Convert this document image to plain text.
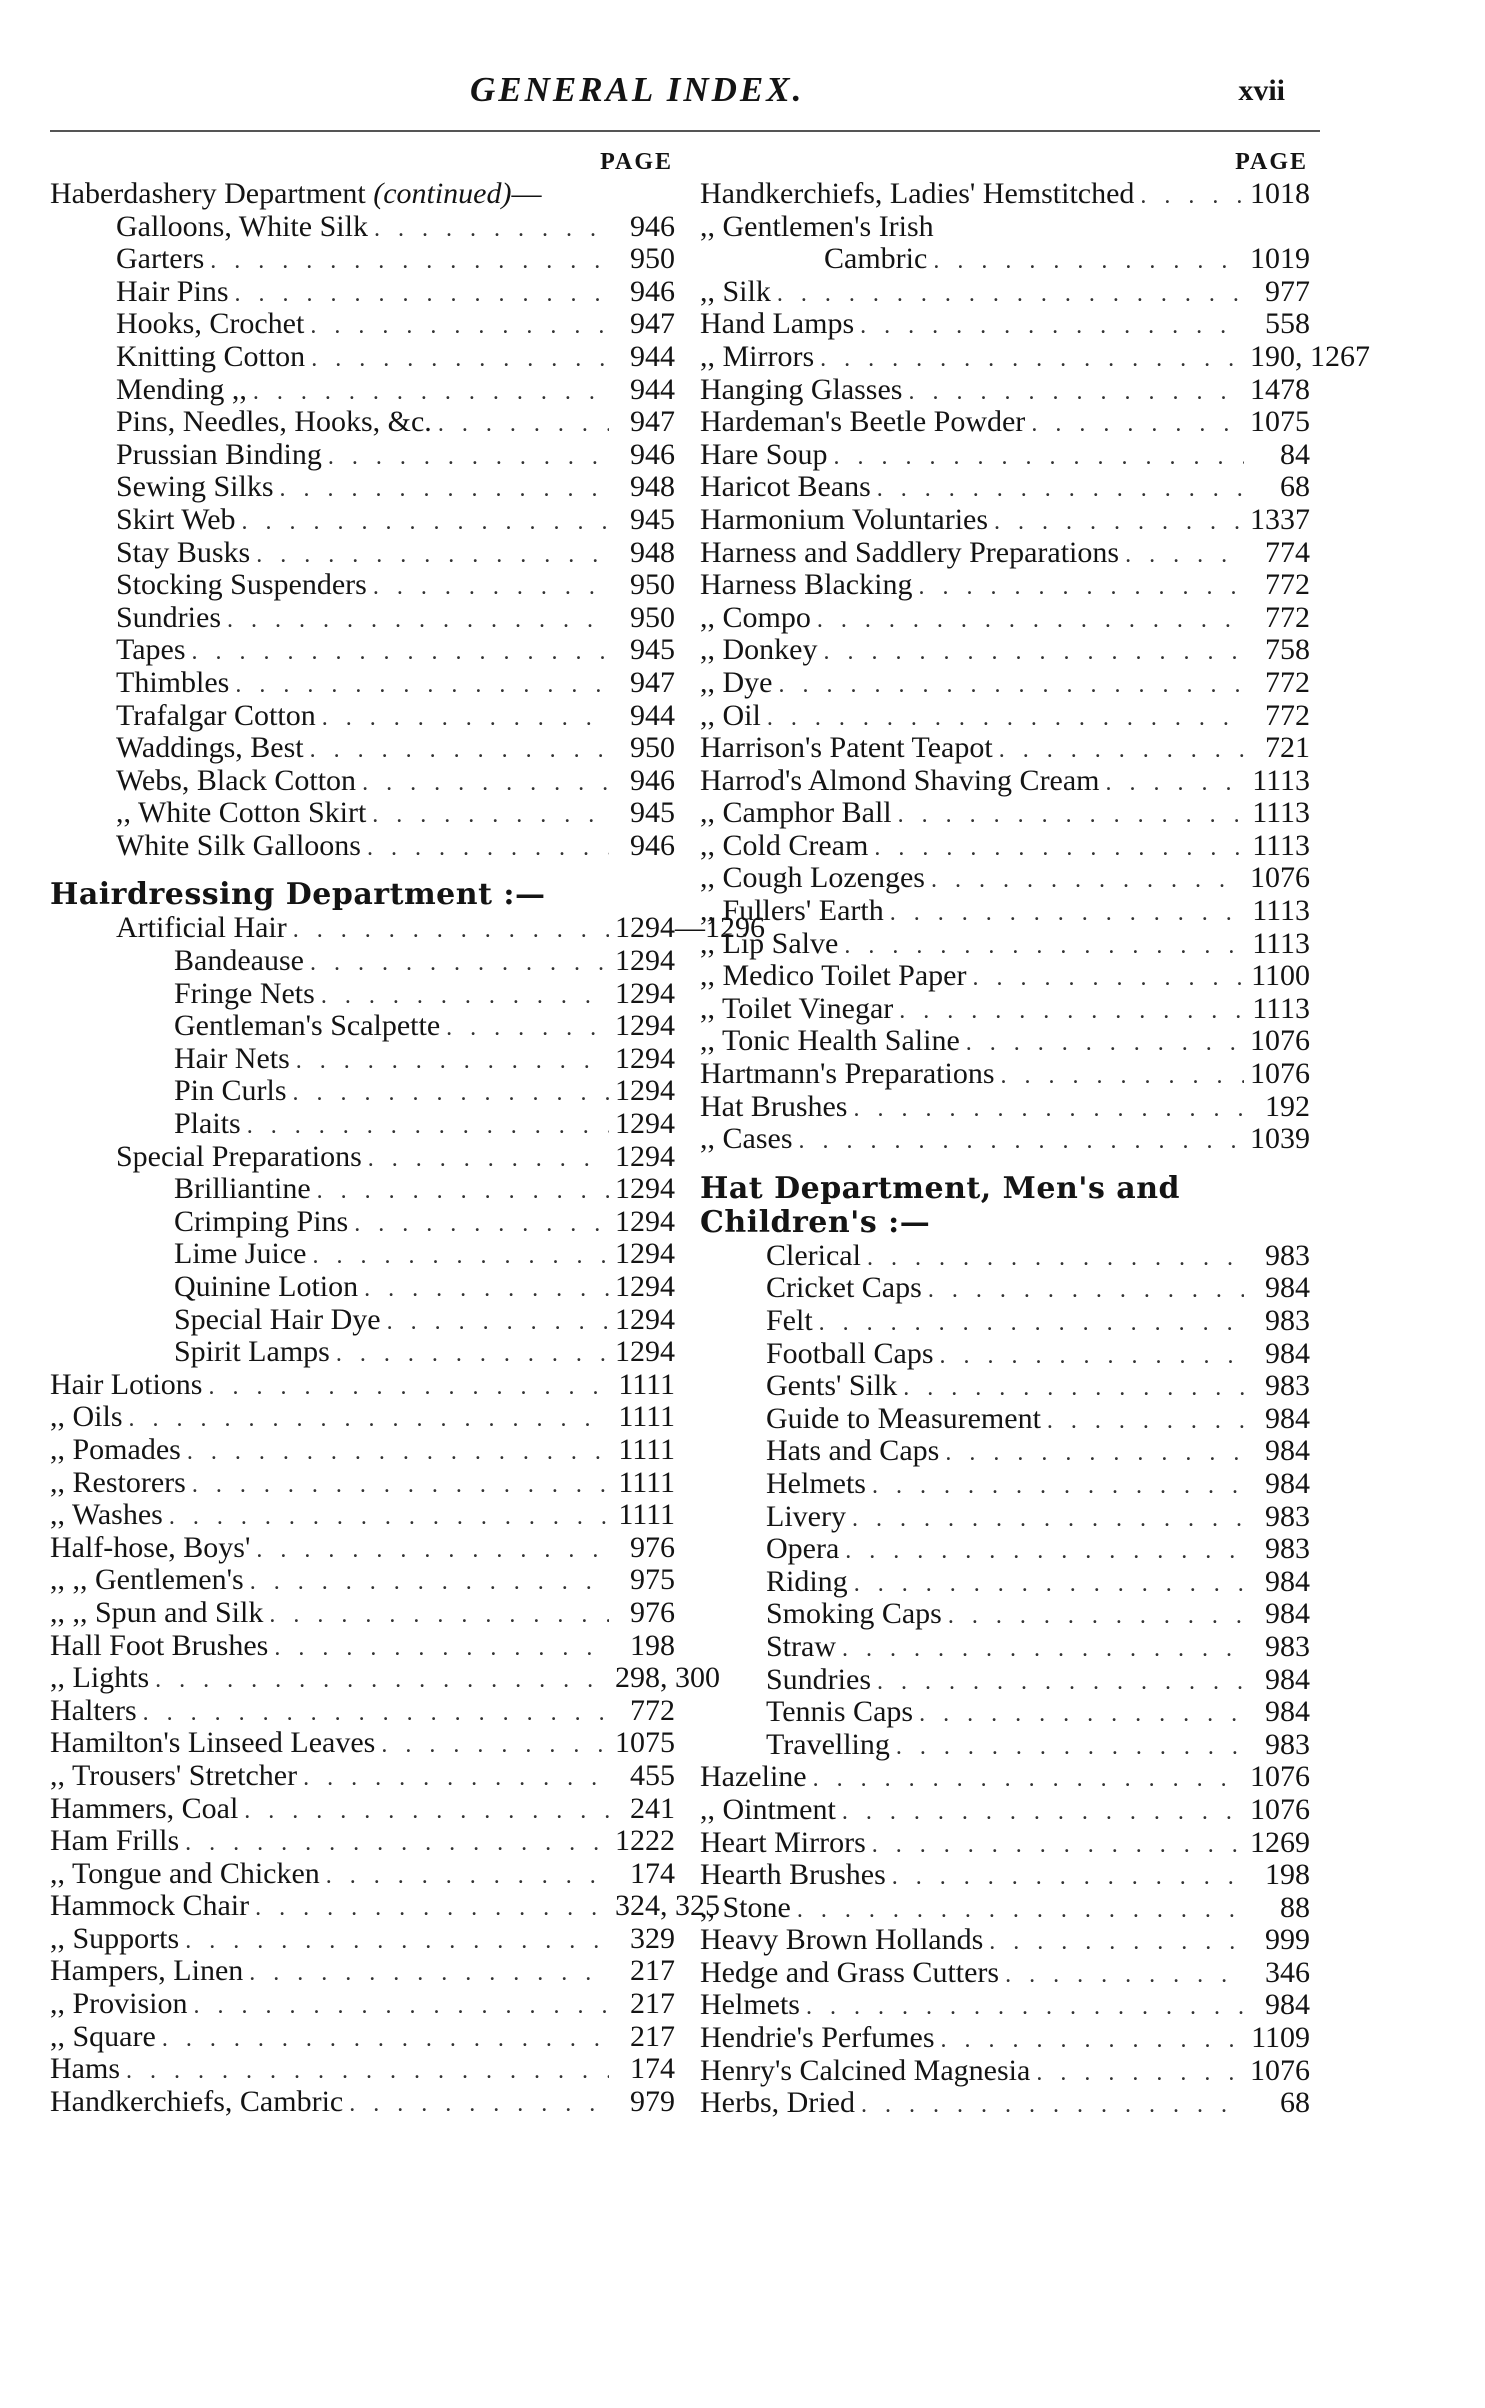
GENERAL INDEX.	xvii
PAGE
Haberdashery Department (continued)—
Galloons, White Silk . . .	946
Garters . . .	950
Hair Pins . . .	946
Hooks, Crochet . . .	947
Knitting Cotton . . .	944
Mending ,, . . .	944
Pins, Needles, Hooks, &c. . . .	947
Prussian Binding . . .	946
Sewing Silks . . .	948
Skirt Web . . .	945
Stay Busks . . .	948
Stocking Suspenders . . .	950
Sundries . . .	950
Tapes . . .	945
Thimbles . . .	947
Trafalgar Cotton . . .	944
Waddings, Best . . .	950
Webs, Black Cotton . . .	946
,, White Cotton Skirt . . .	945
White Silk Galloons . . .	946
Hairdressing Department :—
Artificial Hair . . .	1294—1296
Bandeause . . .	1294
Fringe Nets . . .	1294
Gentleman's Scalpette . . .	1294
Hair Nets . . .	1294
Pin Curls . . .	1294
Plaits . . .	1294
Special Preparations . . .	1294
Brilliantine . . .	1294
Crimping Pins . . .	1294
Lime Juice . . .	1294
Quinine Lotion . . .	1294
Special Hair Dye . . .	1294
Spirit Lamps . . .	1294
Hair Lotions . . .	1111
,, Oils . . .	1111
,, Pomades . . .	1111
,, Restorers . . .	1111
,, Washes . . .	1111
Half-hose, Boys' . . .	976
,, ,, Gentlemen's . . .	975
,, ,, Spun and Silk . . .	976
Hall Foot Brushes . . .	198
,, Lights . . .	298, 300
Halters . . .	772
Hamilton's Linseed Leaves . . .	1075
,, Trousers' Stretcher . . .	455
Hammers, Coal . . .	241
Ham Frills . . .	1222
,, Tongue and Chicken . . .	174
Hammock Chair . . .	324, 325
,, Supports . . .	329
Hampers, Linen . . .	217
,, Provision . . .	217
,, Square . . .	217
Hams . . .	174
Handkerchiefs, Cambric . . .	979
PAGE
Handkerchiefs, Ladies' Hemstitched . . .	1018
,, Gentlemen's Irish
Cambric . . .	1019
,, Silk . . .	977
Hand Lamps . . .	558
,, Mirrors . . .	190, 1267
Hanging Glasses . . .	1478
Hardeman's Beetle Powder . . .	1075
Hare Soup . . .	84
Haricot Beans . . .	68
Harmonium Voluntaries . . .	1337
Harness and Saddlery Preparations . . .	774
Harness Blacking . . .	772
,, Compo . . .	772
,, Donkey . . .	758
,, Dye . . .	772
,, Oil . . .	772
Harrison's Patent Teapot . . .	721
Harrod's Almond Shaving Cream . . .	1113
,, Camphor Ball . . .	1113
,, Cold Cream . . .	1113
,, Cough Lozenges . . .	1076
,, Fullers' Earth . . .	1113
,, Lip Salve . . .	1113
,, Medico Toilet Paper . . .	1100
,, Toilet Vinegar . . .	1113
,, Tonic Health Saline . . .	1076
Hartmann's Preparations . . .	1076
Hat Brushes . . .	192
,, Cases . . .	1039
Hat Department, Men's and
Children's :—
Clerical . . .	983
Cricket Caps . . .	984
Felt . . .	983
Football Caps . . .	984
Gents' Silk . . .	983
Guide to Measurement . . .	984
Hats and Caps . . .	984
Helmets . . .	984
Livery . . .	983
Opera . . .	983
Riding . . .	984
Smoking Caps . . .	984
Straw . . .	983
Sundries . . .	984
Tennis Caps . . .	984
Travelling . . .	983
Hazeline . . .	1076
,, Ointment . . .	1076
Heart Mirrors . . .	1269
Hearth Brushes . . .	198
,, Stone . . .	88
Heavy Brown Hollands . . .	999
Hedge and Grass Cutters . . .	346
Helmets . . .	984
Hendrie's Perfumes . . .	1109
Henry's Calcined Magnesia . . .	1076
Herbs, Dried . . .	68
